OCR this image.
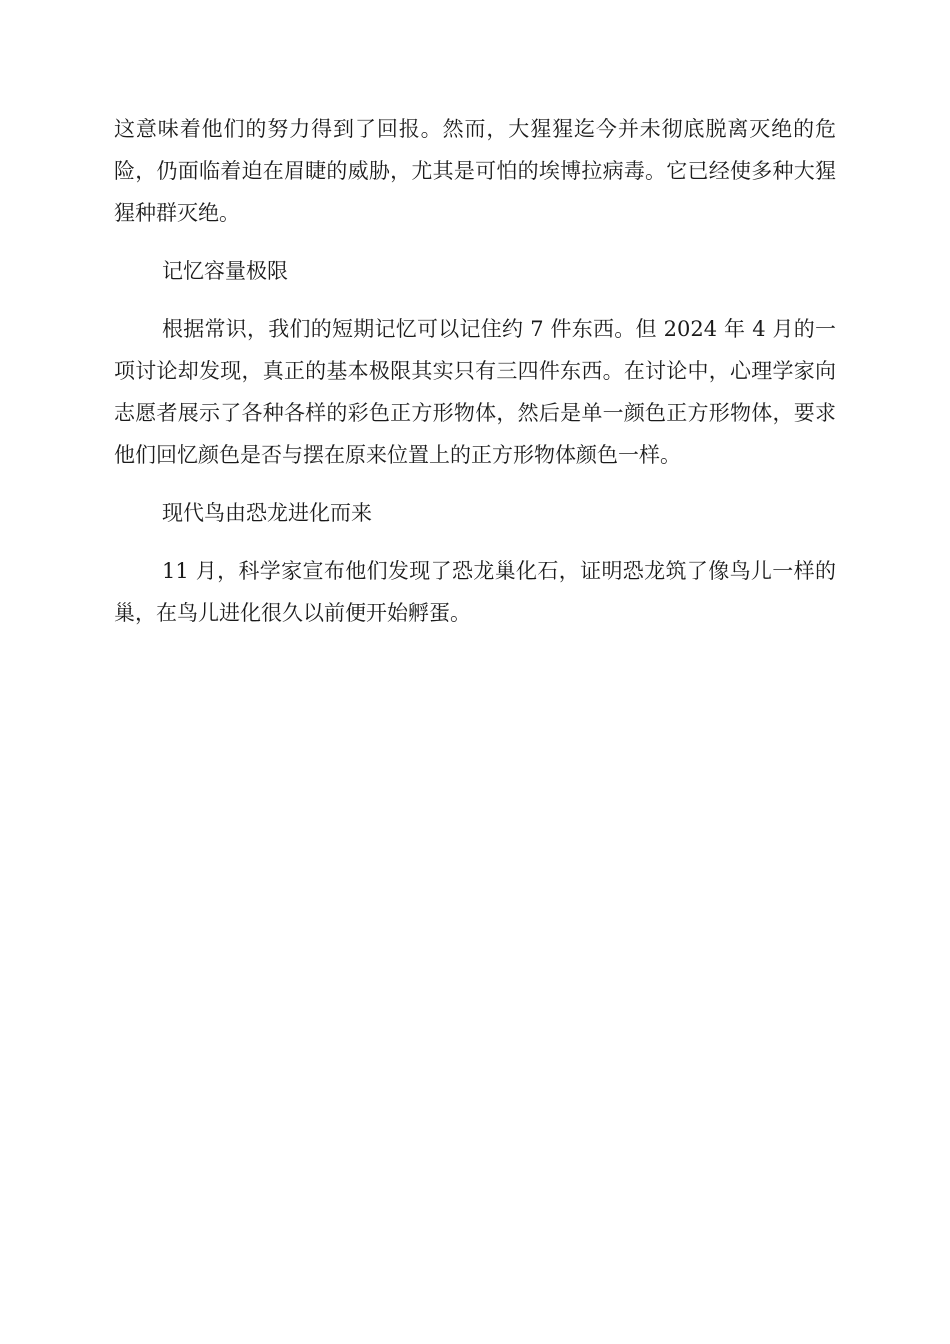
这意味着他们的努力得到了回报。然而，大猩猩迄今并未彻底脱离灭绝的危险，仍面临着迫在眉睫的威胁，尤其是可怕的埃博拉病毒。它已经使多种大猩猩种群灭绝。

记忆容量极限

根据常识，我们的短期记忆可以记住约 7 件东西。但 2024 年 4 月的一项讨论却发现，真正的基本极限其实只有三四件东西。在讨论中，心理学家向志愿者展示了各种各样的彩色正方形物体，然后是单一颜色正方形物体，要求他们回忆颜色是否与摆在原来位置上的正方形物体颜色一样。

现代鸟由恐龙进化而来

11 月，科学家宣布他们发现了恐龙巢化石，证明恐龙筑了像鸟儿一样的巢，在鸟儿进化很久以前便开始孵蛋。
